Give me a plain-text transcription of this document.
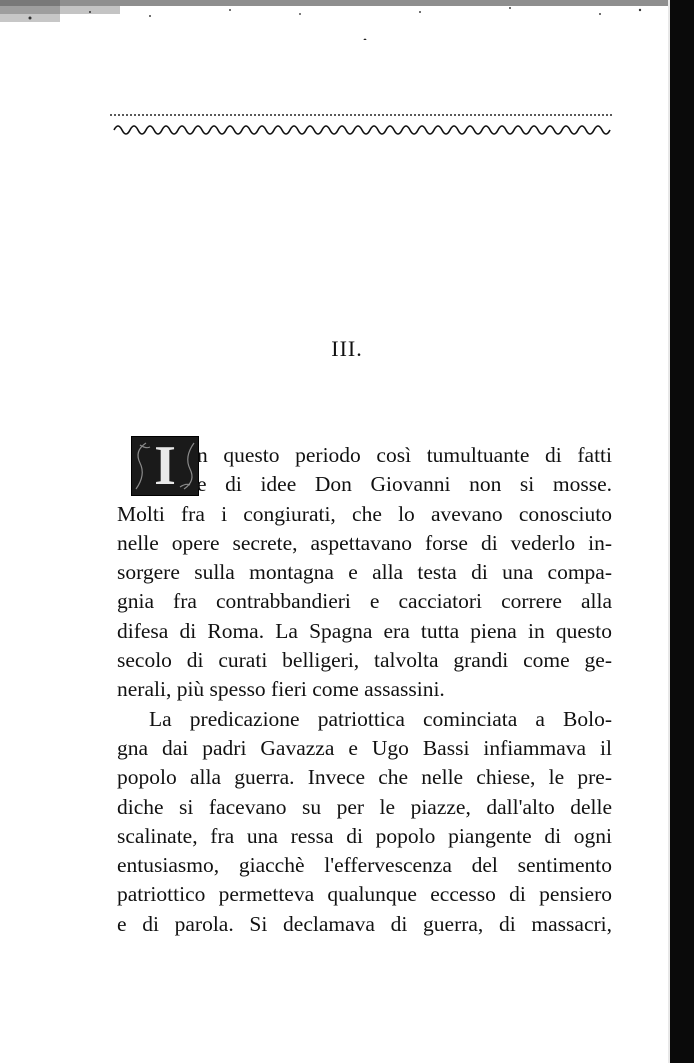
III.
I n questo periodo così tumultuante di fatti
e di idee Don Giovanni non si mosse.
Molti fra i congiurati, che lo avevano conosciuto
nelle opere secrete, aspettavano forse di vederlo in-
sorgere sulla montagna e alla testa di una compa-
gnia fra contrabbandieri e cacciatori correre alla
difesa di Roma. La Spagna era tutta piena in questo
secolo di curati belligeri, talvolta grandi come ge-
nerali, più spesso fieri come assassini.
La predicazione patriottica cominciata a Bolo-
gna dai padri Gavazza e Ugo Bassi infiammava il
popolo alla guerra. Invece che nelle chiese, le pre-
diche si facevano su per le piazze, dall'alto delle
scalinate, fra una ressa di popolo piangente di ogni
entusiasmo, giacchè l'effervescenza del sentimento
patriottico permetteva qualunque eccesso di pensiero
e di parola. Si declamava di guerra, di massacri,
